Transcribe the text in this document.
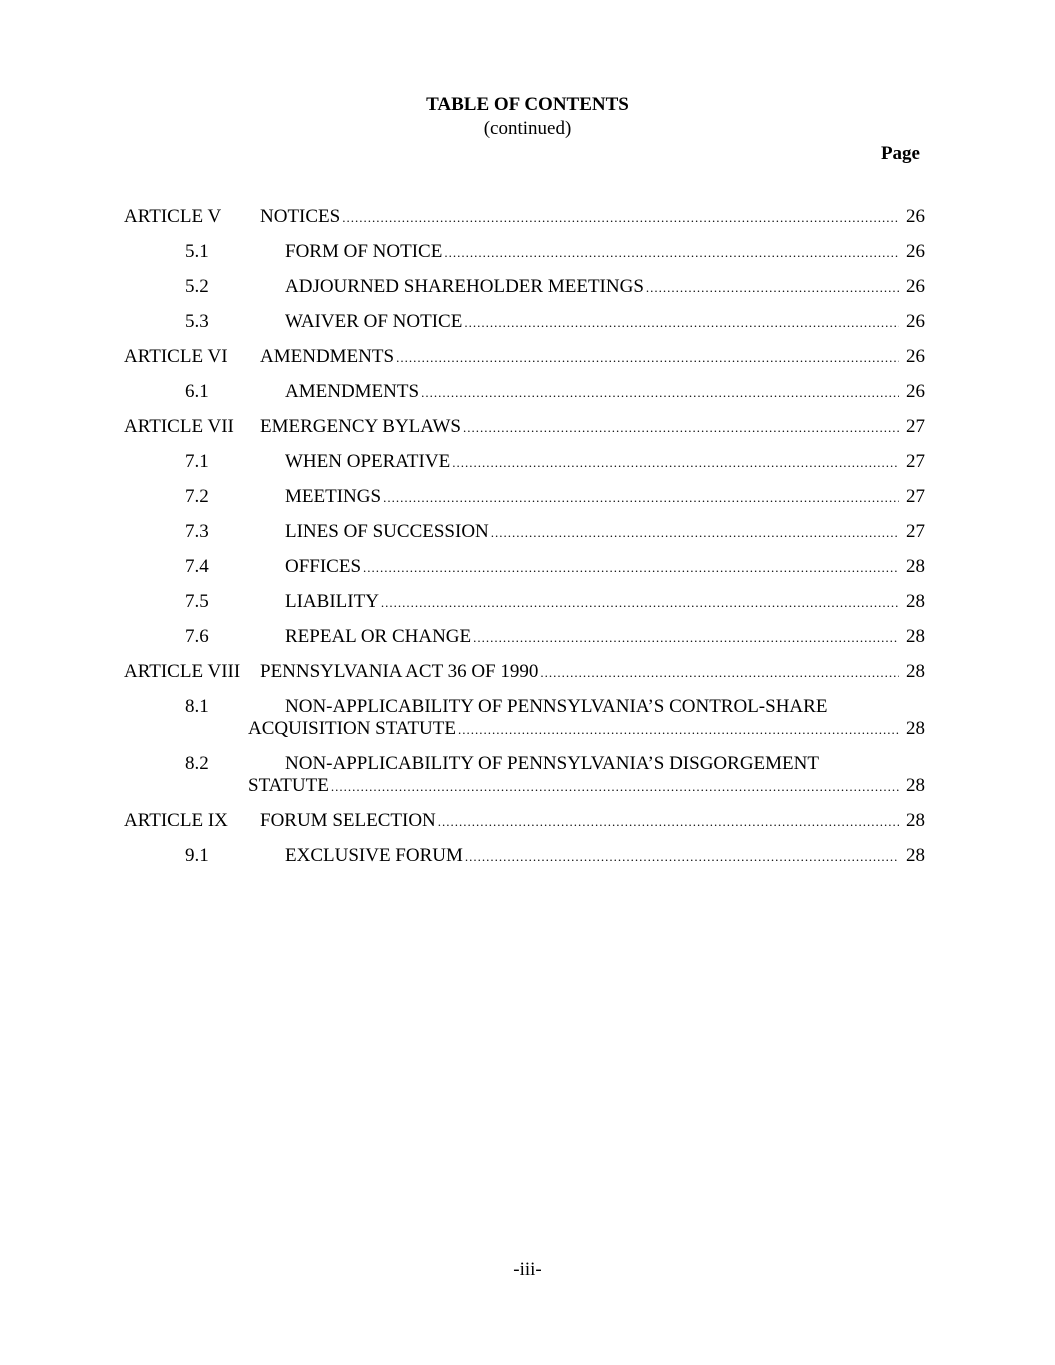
TABLE OF CONTENTS
(continued)
Page
ARTICLE V	NOTICES .....	26
5.1	FORM OF NOTICE .....	26
5.2	ADJOURNED SHAREHOLDER MEETINGS .....	26
5.3	WAIVER OF NOTICE .....	26
ARTICLE VI	AMENDMENTS .....	26
6.1	AMENDMENTS .....	26
ARTICLE VII	EMERGENCY BYLAWS .....	27
7.1	WHEN OPERATIVE .....	27
7.2	MEETINGS .....	27
7.3	LINES OF SUCCESSION .....	27
7.4	OFFICES .....	28
7.5	LIABILITY .....	28
7.6	REPEAL OR CHANGE .....	28
ARTICLE VIII	PENNSYLVANIA ACT 36 OF 1990 .....	28
8.1	NON-APPLICABILITY OF PENNSYLVANIA’S CONTROL-SHARE
ACQUISITION STATUTE .....	28
8.2	NON-APPLICABILITY OF PENNSYLVANIA’S DISGORGEMENT
STATUTE .....	28
ARTICLE IX	FORUM SELECTION .....	28
9.1	EXCLUSIVE FORUM .....	28
-iii-
